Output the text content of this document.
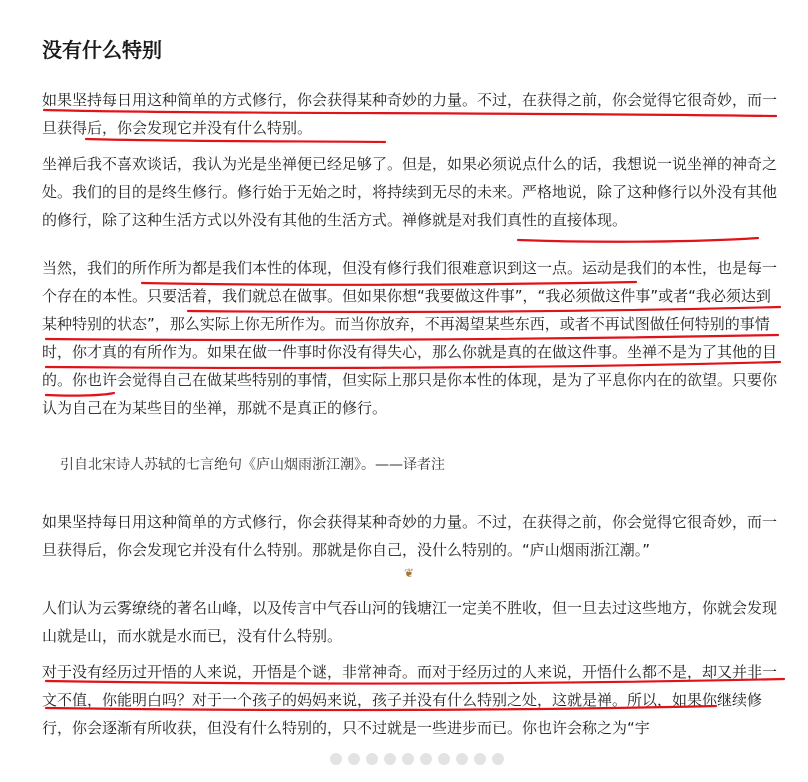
没有什么特别

如果坚持每日用这种简单的方式修行，你会获得某种奇妙的力量。不过，在获得之前，你会觉得它很奇妙，而一旦获得后，你会发现它并没有什么特别。

坐禅后我不喜欢谈话，我认为光是坐禅便已经足够了。但是，如果必须说点什么的话，我想说一说坐禅的神奇之处。我们的目的是终生修行。修行始于无始之时，将持续到无尽的未来。严格地说，除了这种修行以外没有其他的修行，除了这种生活方式以外没有其他的生活方式。禅修就是对我们真性的直接体现。

当然，我们的所作所为都是我们本性的体现，但没有修行我们很难意识到这一点。运动是我们的本性，也是每一个存在的本性。只要活着，我们就总在做事。但如果你想“我要做这件事”，“我必须做这件事”或者“我必须达到某种特别的状态”，那么实际上你无所作为。而当你放弃，不再渴望某些东西，或者不再试图做任何特别的事情时，你才真的有所作为。如果在做一件事时你没有得失心，那么你就是真的在做这件事。坐禅不是为了其他的目的。你也许会觉得自己在做某些特别的事情，但实际上那只是你本性的体现，是为了平息你内在的欲望。只要你认为自己在为某些目的坐禅，那就不是真正的修行。

引自北宋诗人苏轼的七言绝句《庐山烟雨浙江潮》。——译者注

如果坚持每日用这种简单的方式修行，你会获得某种奇妙的力量。不过，在获得之前，你会觉得它很奇妙，而一旦获得后，你会发现它并没有什么特别。那就是你自己，没什么特别的。“庐山烟雨浙江潮。”

❦

人们认为云雾缭绕的著名山峰，以及传言中气吞山河的钱塘江一定美不胜收，但一旦去过这些地方，你就会发现山就是山，而水就是水而已，没有什么特别。

对于没有经历过开悟的人来说，开悟是个谜，非常神奇。而对于经历过的人来说，开悟什么都不是，却又并非一文不值，你能明白吗？对于一个孩子的妈妈来说，孩子并没有什么特别之处，这就是禅。所以，如果你继续修行，你会逐渐有所收获，但没有什么特别的，只不过就是一些进步而已。你也许会称之为“宇
